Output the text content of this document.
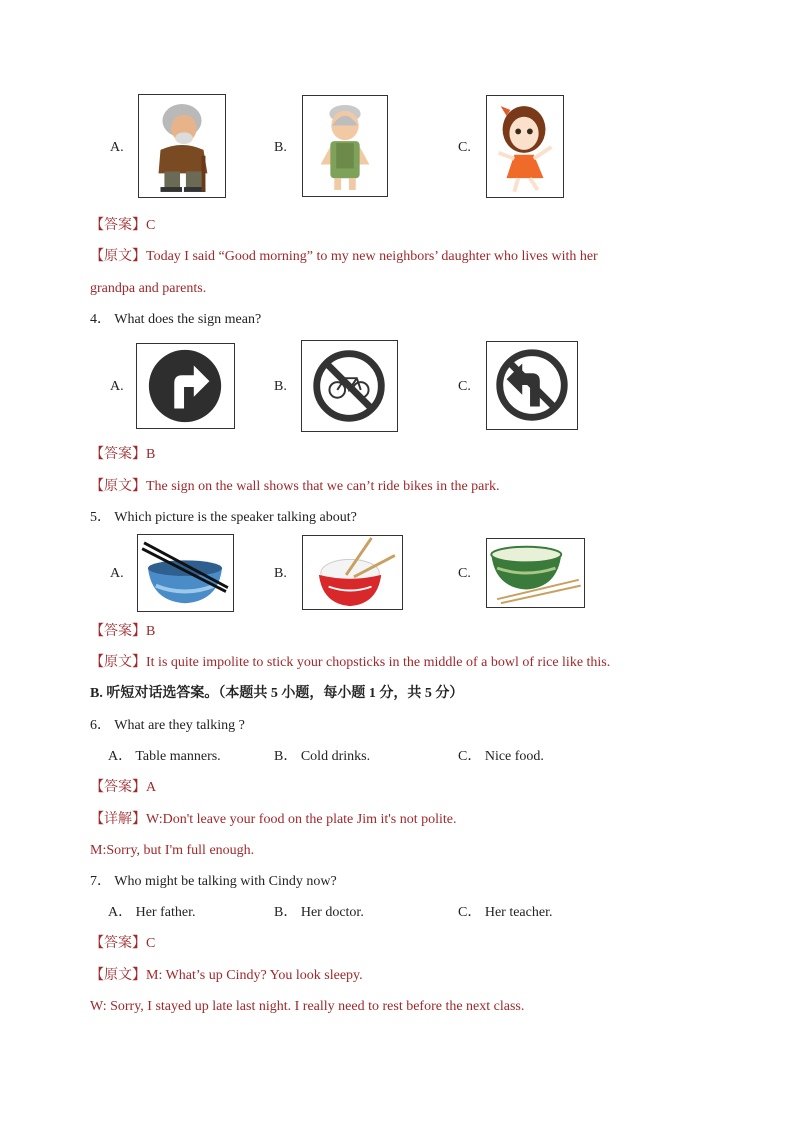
A.	B.	C.
【答案】C
【原文】Today I said “Good morning” to my new neighbors’ daughter who lives with her
grandpa and parents.
4． What does the sign mean?
A.	B.	C.
【答案】B
【原文】The sign on the wall shows that we can’t ride bikes in the park.
5． Which picture is the speaker talking about?
A.	B.	C.
【答案】B
【原文】It is quite impolite to stick your chopsticks in the middle of a bowl of rice like this.
B. 听短对话选答案。（本题共 5 小题，每小题 1 分，共 5 分）
6． What are they talking ?
A． Table manners.	B． Cold drinks.	C． Nice food.
【答案】A
【详解】W:Don't leave your food on the plate Jim it's not polite.
M:Sorry, but I'm full enough.
7． Who might be talking with Cindy now?
A． Her father.	B． Her doctor.	C． Her teacher.
【答案】C
【原文】M: What’s up Cindy? You look sleepy.
W: Sorry, I stayed up late last night. I really need to rest before the next class.
